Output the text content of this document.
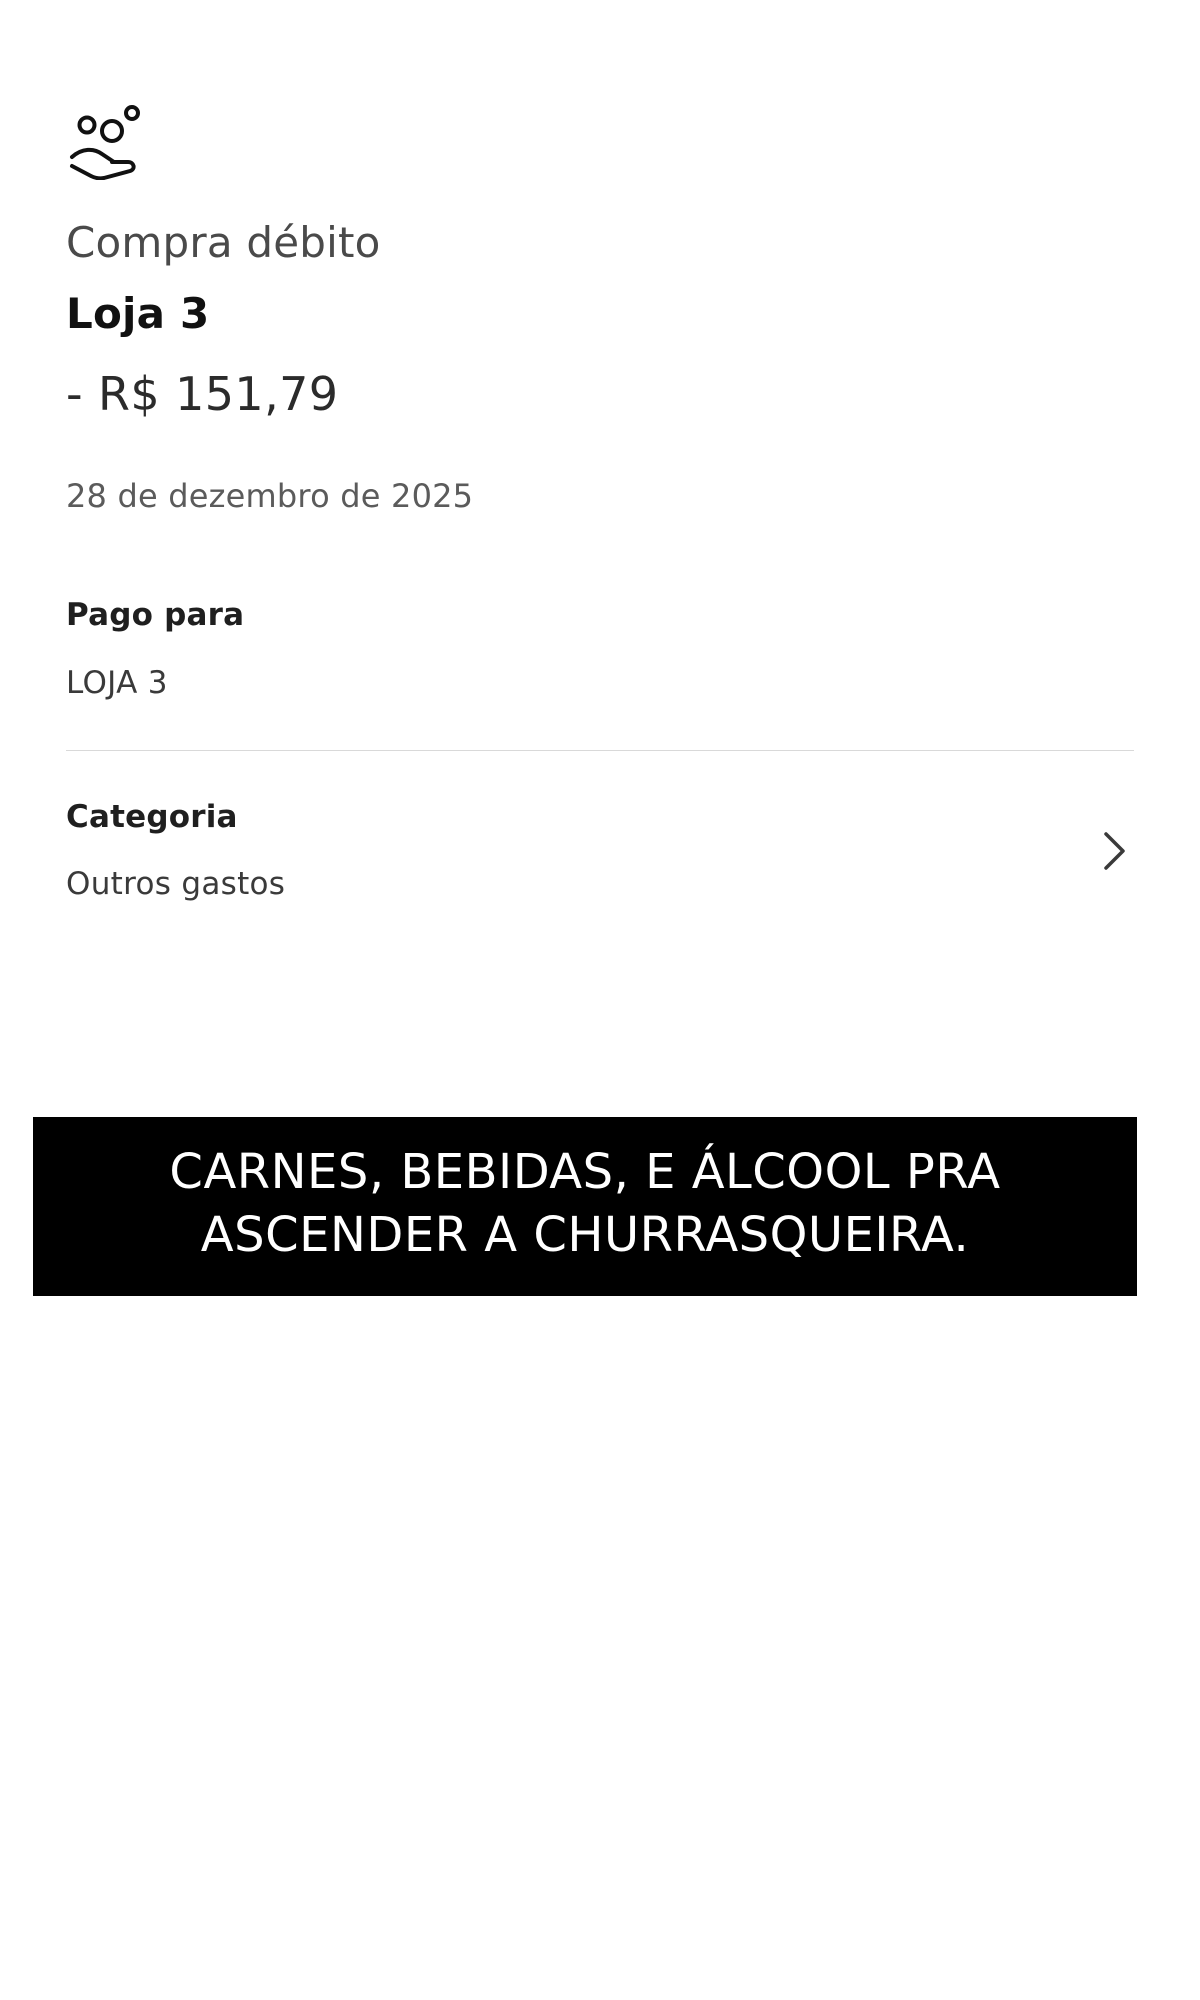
Compra débito
Loja 3
- R$ 151,79
28 de dezembro de 2025
Pago para
LOJA 3
Categoria
Outros gastos
CARNES, BEBIDAS, E ÁLCOOL PRA ASCENDER A CHURRASQUEIRA.
